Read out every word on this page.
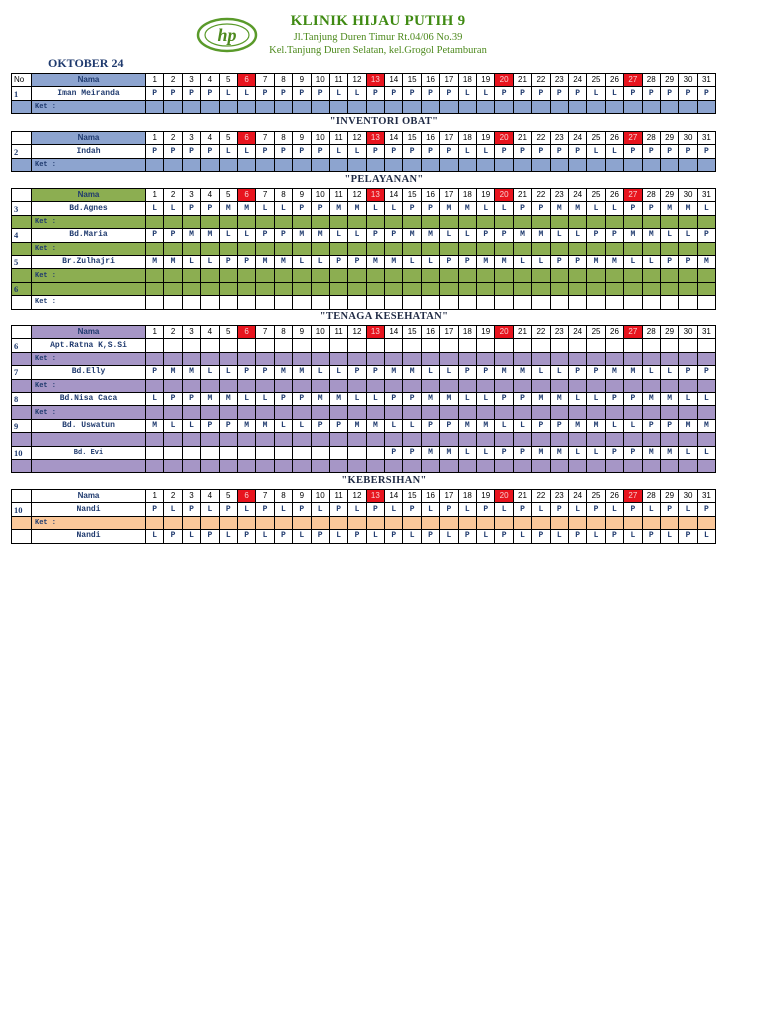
hp
KLINIK HIJAU PUTIH 9
Jl.Tanjung Duren Timur Rt.04/06 No.39
Kel.Tanjung Duren Selatan, kel.Grogol Petamburan
OKTOBER 24
No	Nama	1	2	3	4	5	6	7	8	9	10	11	12	13	14	15	16	17	18	19	20	21	22	23	24	25	26	27	28	29	30	31
1	Iman Meiranda	P	P	P	P	L	L	P	P	P	P	L	L	P	P	P	P	P	L	L	P	P	P	P	P	L	L	P	P	P	P	P
	Ket :																															
"INVENTORI OBAT"
	Nama	1	2	3	4	5	6	7	8	9	10	11	12	13	14	15	16	17	18	19	20	21	22	23	24	25	26	27	28	29	30	31
2	Indah	P	P	P	P	L	L	P	P	P	P	L	L	P	P	P	P	P	L	L	P	P	P	P	P	L	L	P	P	P	P	P
	Ket :																															
"PELAYANAN"
	Nama	1	2	3	4	5	6	7	8	9	10	11	12	13	14	15	16	17	18	19	20	21	22	23	24	25	26	27	28	29	30	31
3	Bd.Agnes	L	L	P	P	M	M	L	L	P	P	M	M	L	L	P	P	M	M	L	L	P	P	M	M	L	L	P	P	M	M	L
	Ket :																															
4	Bd.Maria	P	P	M	M	L	L	P	P	M	M	L	L	P	P	M	M	L	L	P	P	M	M	L	L	P	P	M	M	L	L	P
	Ket :																															
5	Br.Zulhajri	M	M	L	L	P	P	M	M	L	L	P	P	M	M	L	L	P	P	M	M	L	L	P	P	M	M	L	L	P	P	M
	Ket :																															
6																																
	Ket :																															
"TENAGA KESEHATAN"
	Nama	1	2	3	4	5	6	7	8	9	10	11	12	13	14	15	16	17	18	19	20	21	22	23	24	25	26	27	28	29	30	31
6	Apt.Ratna K,S.Si																															
	Ket :																															
7	Bd.Elly	P	M	M	L	L	P	P	M	M	L	L	P	P	M	M	L	L	P	P	M	M	L	L	P	P	M	M	L	L	P	P
	Ket :																															
8	Bd.Nisa Caca	L	P	P	M	M	L	L	P	P	M	M	L	L	P	P	M	M	L	L	P	P	M	M	L	L	P	P	M	M	L	L
	Ket :																															
9	Bd. Uswatun	M	L	L	P	P	M	M	L	L	P	P	M	M	L	L	P	P	M	M	L	L	P	P	M	M	L	L	P	P	M	M

10	Bd. Evi														P	P	M	M	L	L	P	P	M	M	L	L	P	P	M	M	L	L

"KEBERSIHAN"
	Nama	1	2	3	4	5	6	7	8	9	10	11	12	13	14	15	16	17	18	19	20	21	22	23	24	25	26	27	28	29	30	31
10	Nandi	P	L	P	L	P	L	P	L	P	L	P	L	P	L	P	L	P	L	P	L	P	L	P	L	P	L	P	L	P	L	P
	Ket :																															
	Nandi	L	P	L	P	L	P	L	P	L	P	L	P	L	P	L	P	L	P	L	P	L	P	L	P	L	P	L	P	L	P	L
